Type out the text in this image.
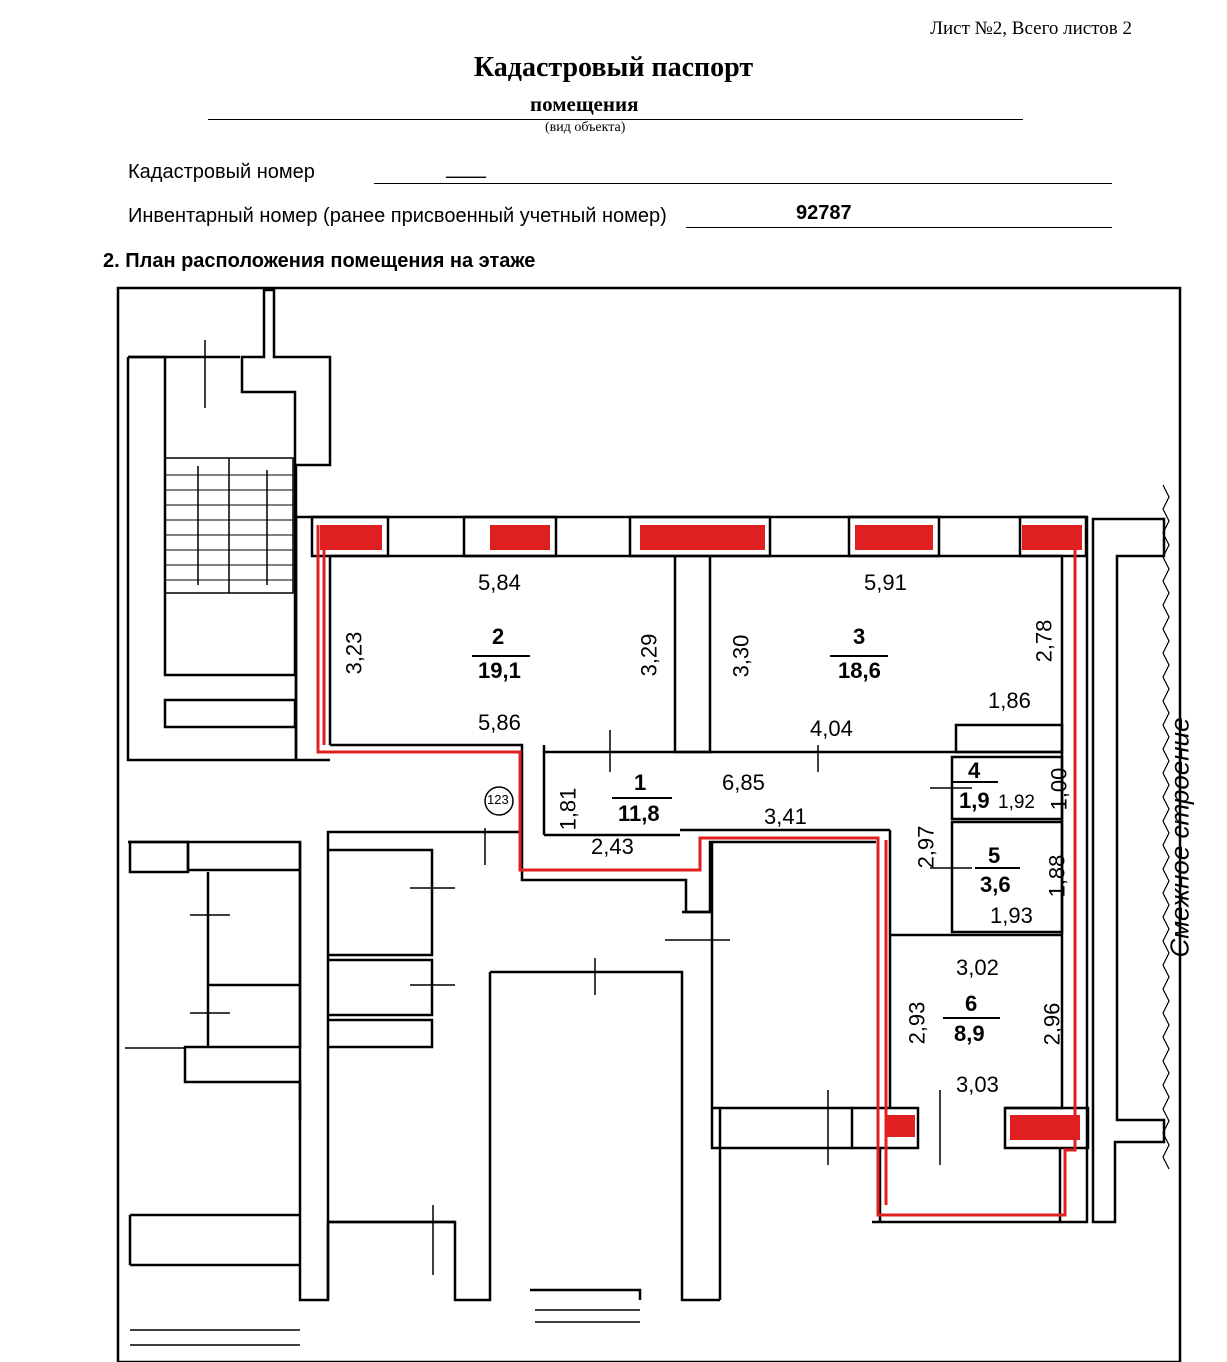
Лист №2, Всего листов 2
Кадастровый паспорт
помещения
(вид объекта)
Кадастровый номер	____
Инвентарный номер (ранее присвоенный учетный номер)	92787
2. План расположения помещения на этаже
2
19,1
3
18,6
1
11,8
4
1,9
5
3,6
6
8,9
5,84
3,23	3,29
5,86
5,91
3,30	2,78
1,86
4,04
6,85
1,81
2,43
3,41
2,97
1,00
1,92
1,88
1,93
3,02
2,93	2,96
3,03
123	Смежное строение
